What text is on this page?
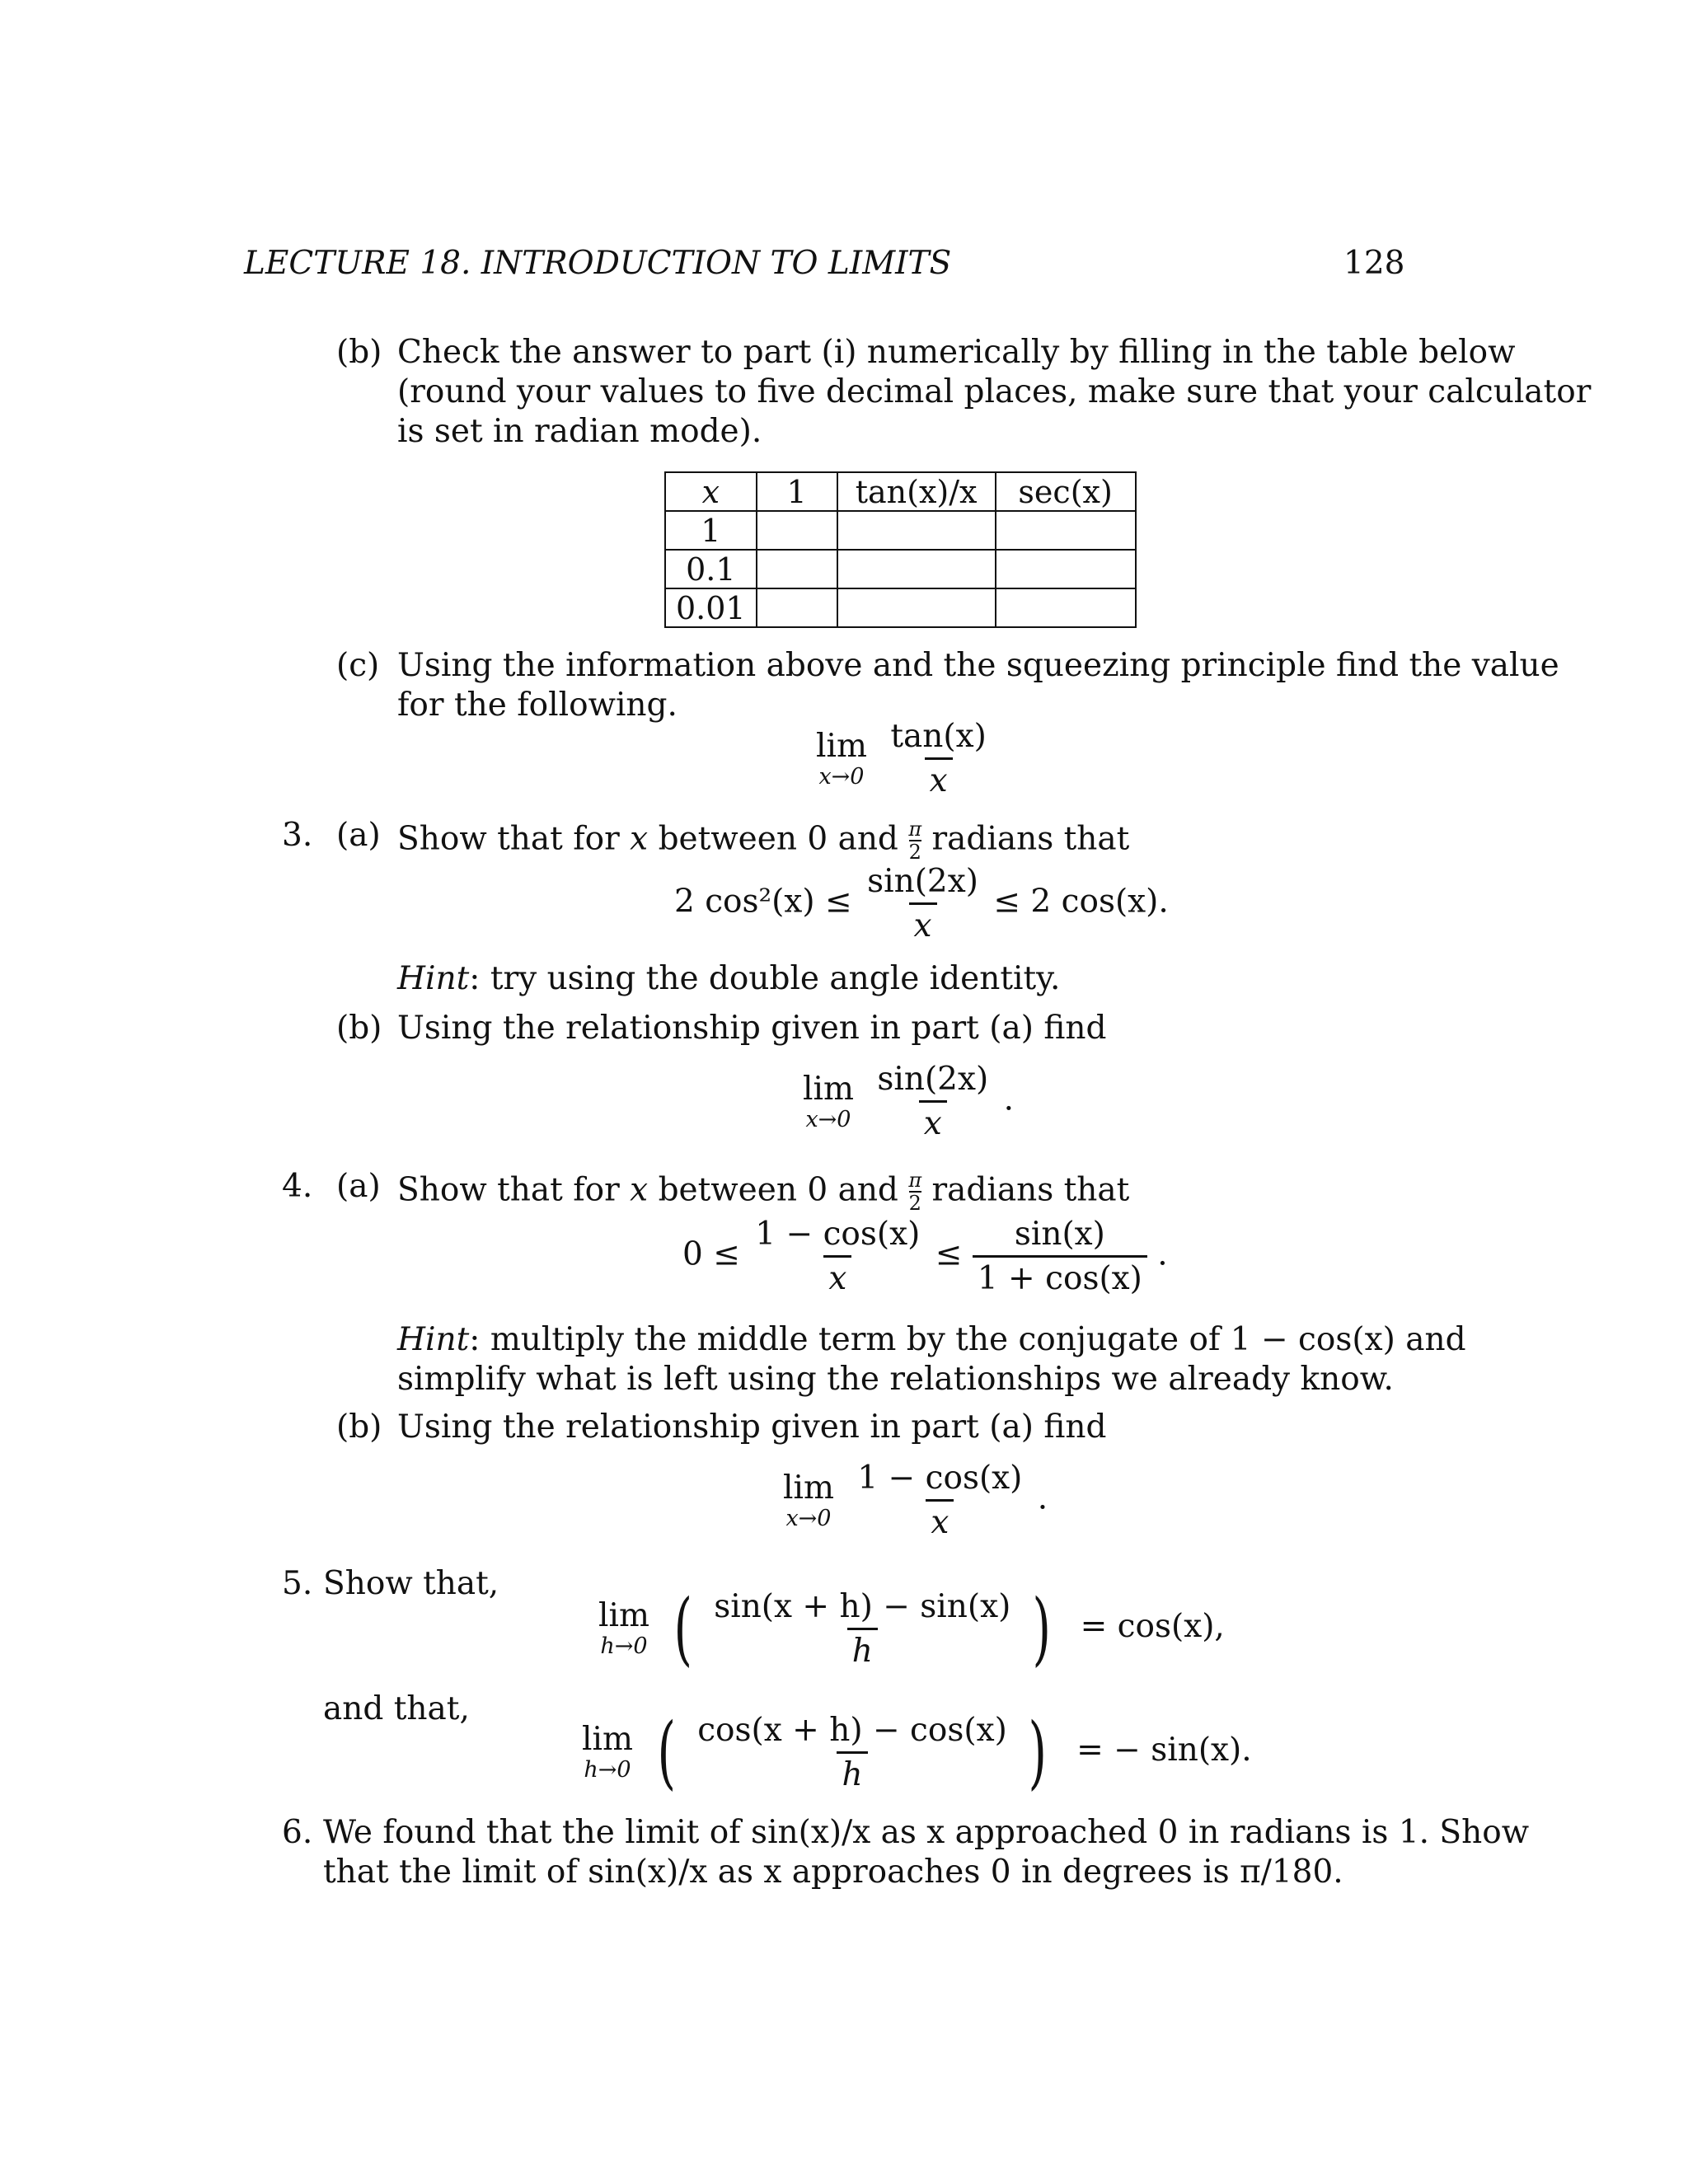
LECTURE 18. INTRODUCTION TO LIMITS	128
(b) Check the answer to part (i) numerically by filling in the table below
(round your values to five decimal places, make sure that your calculator
is set in radian mode).
x	1	tan(x)/x	sec(x)
1			
0.1			
0.01			
(c) Using the information above and the squeezing principle find the value
for the following.
lim
x→0
$\frac{\tan(x)}{x}$
3. (a) Show that for x between 0 and $\frac{\pi}{2}$ radians that
2 $\cos^2(x) \le \frac{\sin(2x)}{x} \le 2$ cos(x).
Hint: try using the double angle identity.
(b) Using the relationship given in part (a) find
lim
x→0
$\frac{\sin(2x)}{x}$ .
4. (a) Show that for x between 0 and $\frac{\pi}{2}$ radians that
$0 \le \frac{1 - \cos(x)}{x} \le \frac{\sin(x)}{1 + \cos(x)}$ .
Hint: multiply the middle term by the conjugate of 1 − cos(x) and
simplify what is left using the relationships we already know.
(b) Using the relationship given in part (a) find
lim
x→0
$\frac{1 - \cos(x)}{x}$ .
5. Show that,
lim
h→0 ( $\frac{\sin(x + h) - \sin(x)}{h}$ ) = cos(x),
and that,
lim
h→0 ( $\frac{\cos(x + h) - \cos(x)}{h}$ ) = − sin(x).
6. We found that the limit of sin(x)/x as x approached 0 in radians is 1. Show
that the limit of sin(x)/x as x approaches 0 in degrees is π/180.
